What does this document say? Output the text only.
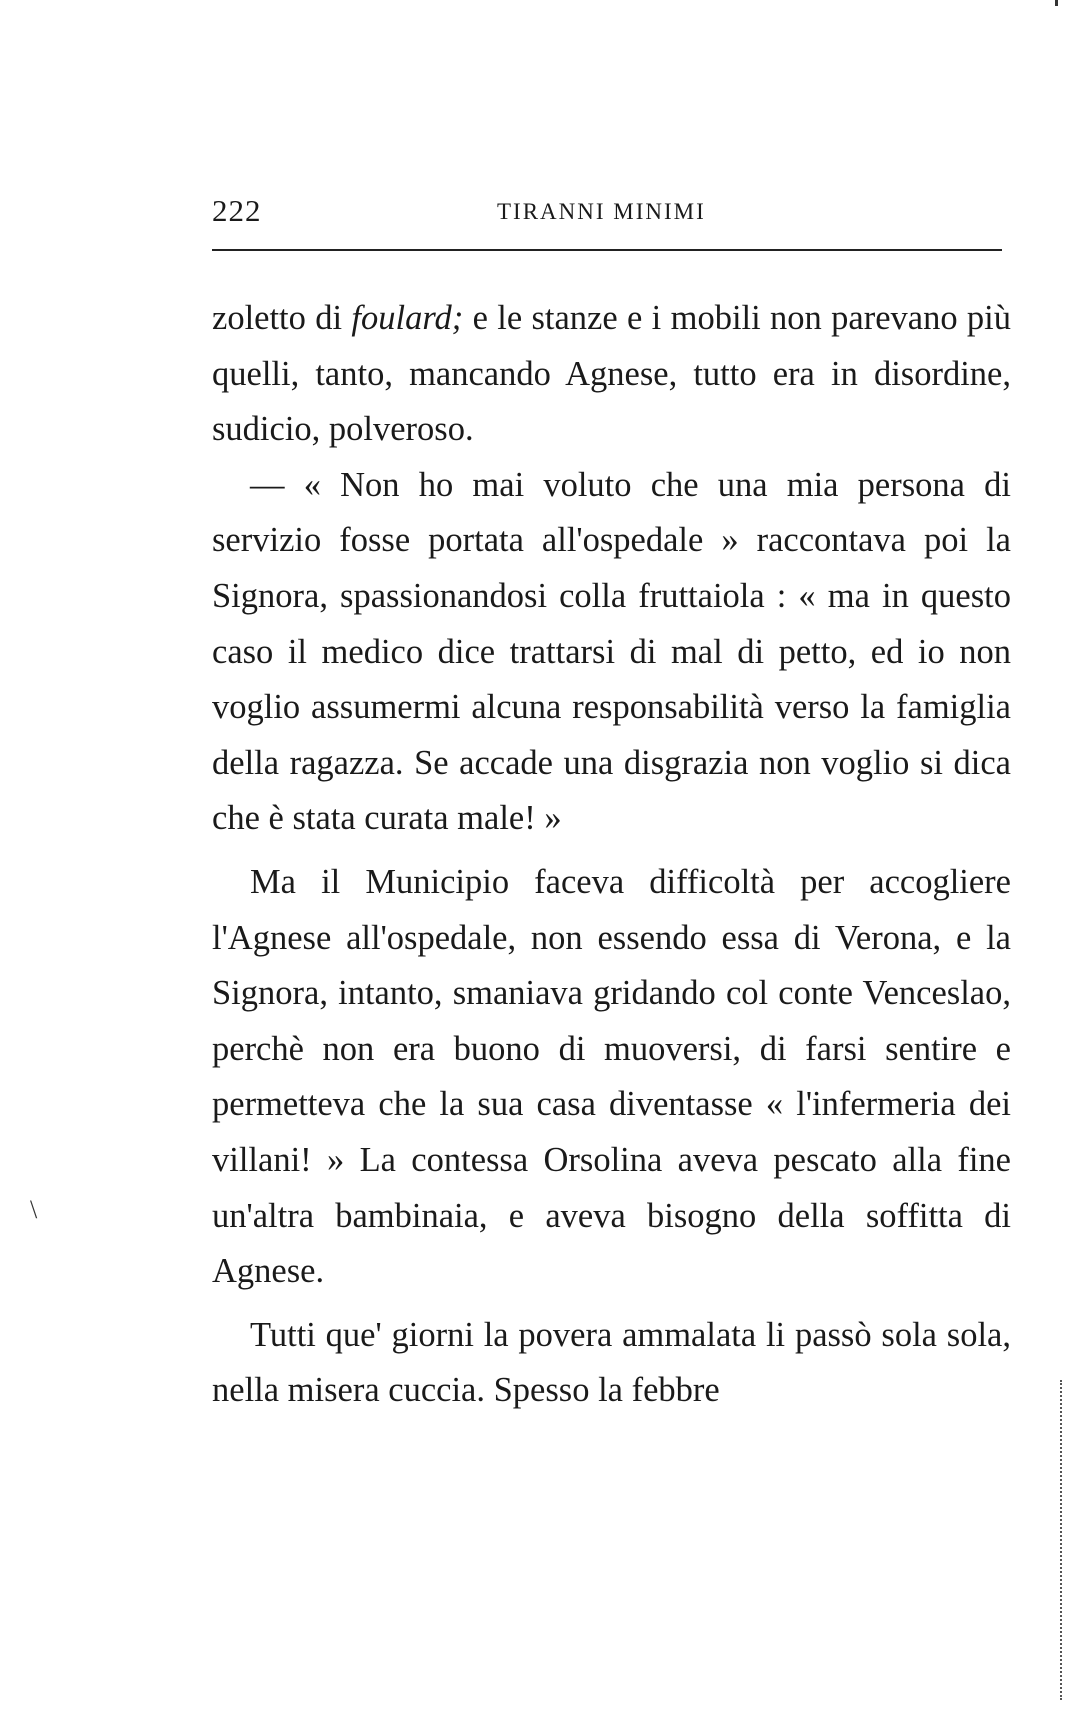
222	TIRANNI MINIMI

zoletto di foulard; e le stanze e i mobili non parevano più quelli, tanto, mancando Agnese, tutto era in disordine, sudicio, polveroso.

— « Non ho mai voluto che una mia persona di servizio fosse portata all'ospedale » raccontava poi la Signora, spassionandosi colla fruttaiola : « ma in questo caso il medico dice trattarsi di mal di petto, ed io non voglio assumermi alcuna responsabilità verso la famiglia della ragazza. Se accade una disgrazia non voglio si dica che è stata curata male! »

Ma il Municipio faceva difficoltà per accogliere l'Agnese all'ospedale, non essendo essa di Verona, e la Signora, intanto, smaniava gridando col conte Venceslao, perchè non era buono di muoversi, di farsi sentire e permetteva che la sua casa diventasse « l'infermeria dei villani! » La contessa Orsolina aveva pescato alla fine un'altra bambinaia, e aveva bisogno della soffitta di Agnese.

Tutti que' giorni la povera ammalata li passò sola sola, nella misera cuccia. Spesso la febbre

\
